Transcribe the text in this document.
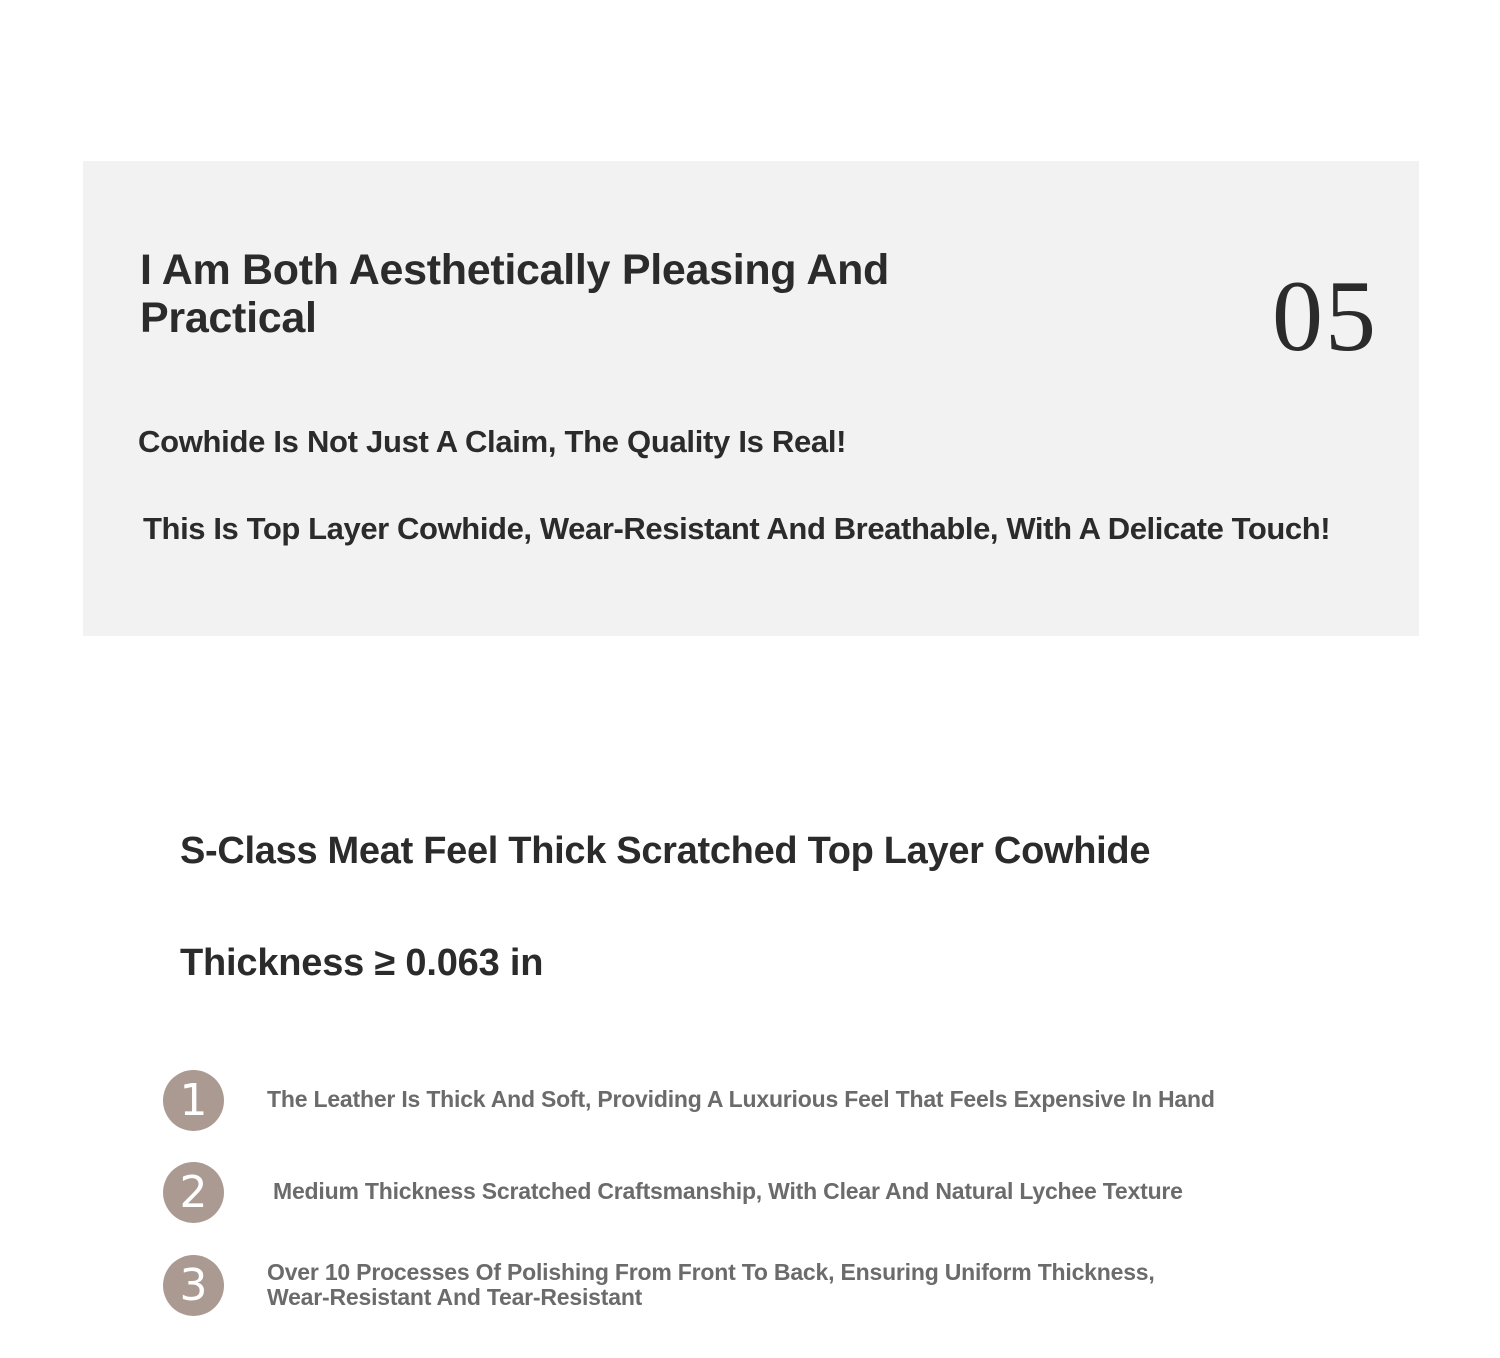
I Am Both Aesthetically Pleasing And Practical	05
Cowhide Is Not Just A Claim, The Quality Is Real!

This Is Top Layer Cowhide, Wear-Resistant And Breathable, With A Delicate Touch!

S-Class Meat Feel Thick Scratched Top Layer Cowhide
Thickness ≥ 0.063 in
1	The Leather Is Thick And Soft, Providing A Luxurious Feel That Feels Expensive In Hand

2	Medium Thickness Scratched Craftsmanship, With Clear And Natural Lychee Texture

3	Over 10 Processes Of Polishing From Front To Back, Ensuring Uniform Thickness, Wear-Resistant And Tear-Resistant
